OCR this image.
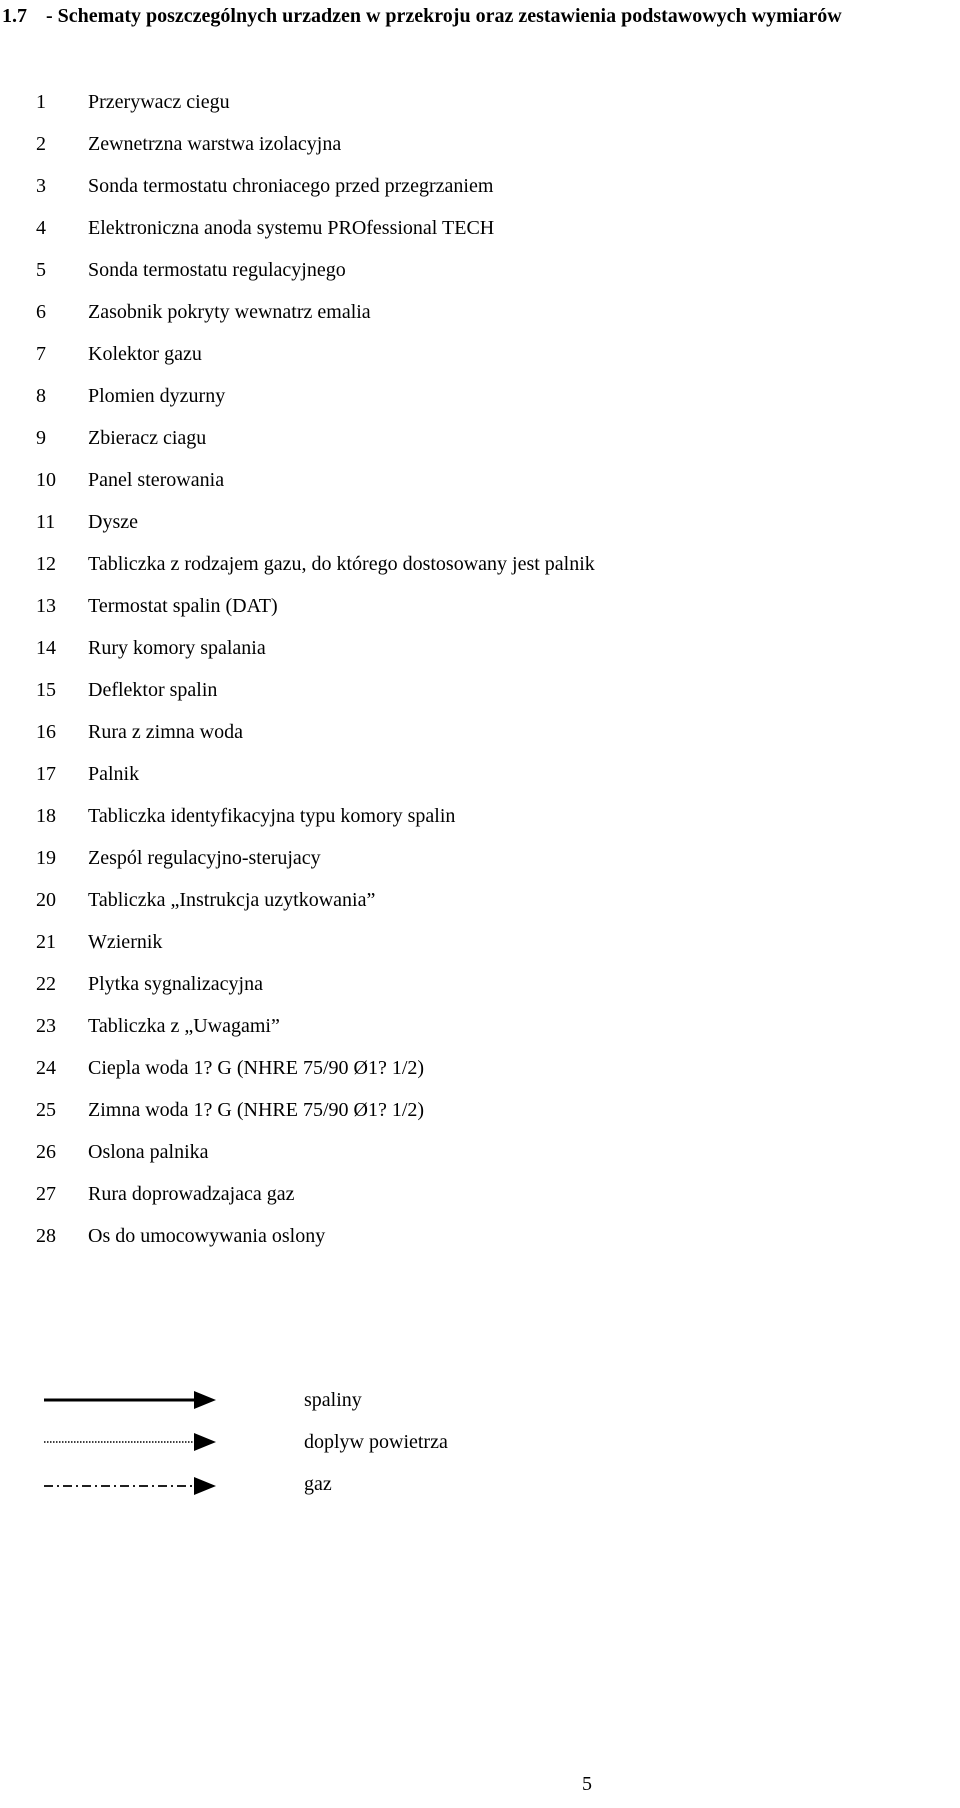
1.7 - Schematy poszczególnych urzadzen w przekroju oraz zestawienia podstawowych wymiarów
1	Przerywacz ciegu
2	Zewnetrzna warstwa izolacyjna
3	Sonda termostatu chroniacego przed przegrzaniem
4	Elektroniczna anoda systemu PROfessional TECH
5	Sonda termostatu regulacyjnego
6	Zasobnik pokryty wewnatrz emalia
7	Kolektor gazu
8	Plomien dyzurny
9	Zbieracz ciagu
10	Panel sterowania
11	Dysze
12	Tabliczka z rodzajem gazu, do którego dostosowany jest palnik
13	Termostat spalin (DAT)
14	Rury komory spalania
15	Deflektor spalin
16	Rura z zimna woda
17	Palnik
18	Tabliczka identyfikacyjna typu komory spalin
19	Zespól regulacyjno-sterujacy
20	Tabliczka „Instrukcja uzytkowania”
21	Wziernik
22	Plytka sygnalizacyjna
23	Tabliczka z „Uwagami”
24	Ciepla woda 1? G (NHRE 75/90 Ø1? 1/2)
25	Zimna woda 1? G (NHRE 75/90 Ø1? 1/2)
26	Oslona palnika
27	Rura doprowadzajaca gaz
28	Os do umocowywania oslony
spaliny
doplyw powietrza
gaz
5
